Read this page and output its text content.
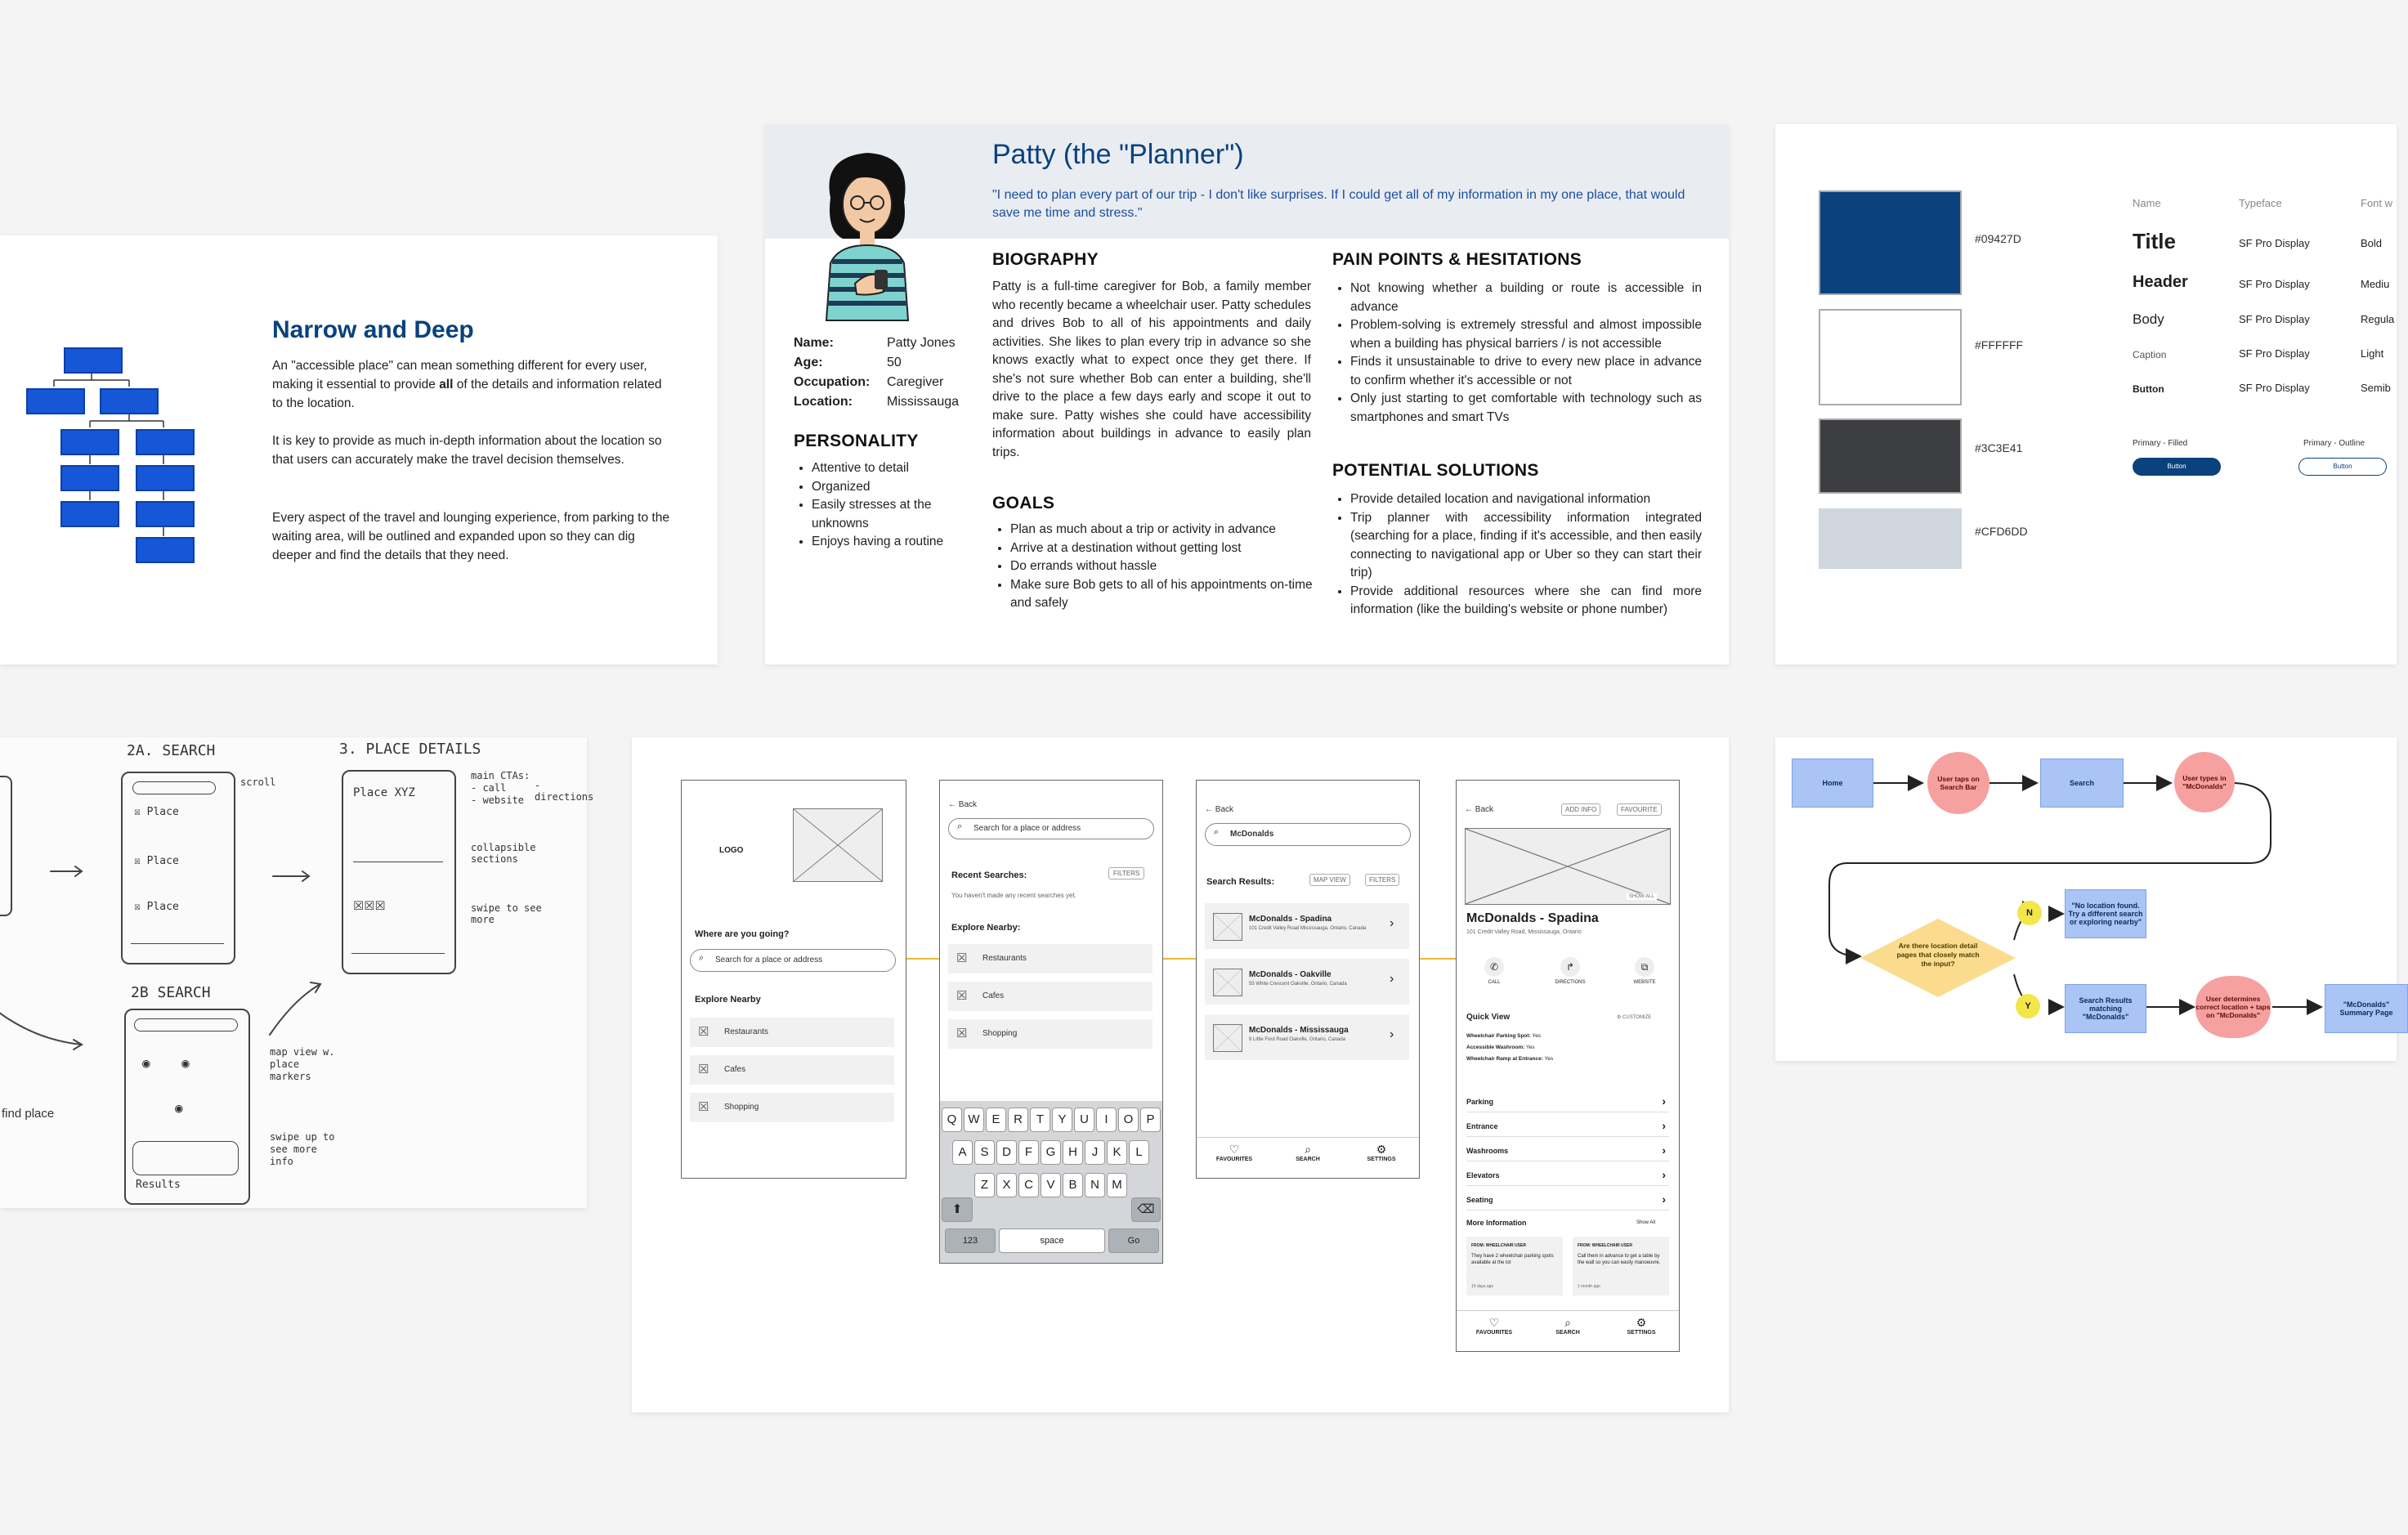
Narrow and Deep
An "accessible place" can mean something different for every user, making it essential to provide all of the details and information related to the location.
It is key to provide as much in-depth information about the location so that users can accurately make the travel decision themselves.
Every aspect of the travel and lounging experience, from parking to the waiting area, will be outlined and expanded upon so they can dig deeper and find the details that they need.
Patty (the "Planner")
"I need to plan every part of our trip - I don't like surprises. If I could get all of my information in my one place, that would save me time and stress."
Name:	Patty Jones
Age:	50
Occupation:	Caregiver
Location:	Mississauga
PERSONALITY
• Attentive to detail
• Organized
• Easily stresses at the unknowns
• Enjoys having a routine
BIOGRAPHY
Patty is a full-time caregiver for Bob, a family member who recently became a wheelchair user. Patty schedules and drives Bob to all of his appointments and daily activities. She likes to plan every trip in advance so she knows exactly what to expect once they get there. If she's not sure whether Bob can enter a building, she'll drive to the place a few days early and scope it out to make sure. Patty wishes she could have accessibility information about buildings in advance to easily plan trips.
GOALS
• Plan as much about a trip or activity in advance
• Arrive at a destination without getting lost
• Do errands without hassle
• Make sure Bob gets to all of his appointments on-time and safely
PAIN POINTS & HESITATIONS
• Not knowing whether a building or route is accessible in advance
• Problem-solving is extremely stressful and almost impossible when a building has physical barriers / is not accessible
• Finds it unsustainable to drive to every new place in advance to confirm whether it's accessible or not
• Only just starting to get comfortable with technology such as smartphones and smart TVs
POTENTIAL SOLUTIONS
• Provide detailed location and navigational information
• Trip planner with accessibility information integrated (searching for a place, finding if it's accessible, and then easily connecting to navigational app or Uber so they can start their trip)
• Provide additional resources where she can find more information (like the building's website or phone number)
#09427D
#FFFFFF
#3C3E41
#CFD6DD
Name	Typeface	Font w
Title	SF Pro Display	Bold
Header	SF Pro Display	Mediu
Body	SF Pro Display	Regula
Caption	SF Pro Display	Light
Button	SF Pro Display	Semib
Primary - Filled
Button
Primary - Outline
Button
2A. SEARCH	3. PLACE DETAILS
2B SEARCH
find place
☒ Place
☒ Place
☒ Place
scroll
Place XYZ
☒☒☒
main CTAs:
- call
- website
- directions
collapsible sections
swipe to see more
◉    ◉
◉
Results
map view w. place markers
swipe up to see more info
LOGO
Where are you going?
⌕ Search for a place or address
Explore Nearby
☒ Restaurants
☒ Cafes
☒ Shopping
← Back
⌕ Search for a place or address
Recent Searches:	FILTERS
You haven't made any recent searches yet.
Explore Nearby:
☒ Restaurants
☒ Cafes
☒ Shopping
Q W E	R	T	Y	U	I	O	P
A	S	D	F	G	H	J	K	L
Z	X	C	V	B	N	M
⬆	⌫
123	space	Go
← Back
⌕ McDonalds
Search Results:	MAP VIEW	FILTERS
McDonalds - Spadina
101 Credit Valley Road Mississauga, Ontario, Canada	›
McDonalds - Oakville
55 White Crescent Oakville, Ontario, Canada	›
McDonalds - Mississauga
8 Little Ford Road Oakville, Ontario, Canada	›
♡
FAVOURITES
⌕
SEARCH
⚙
SETTINGS
← Back	ADD INFO	FAVOURITE
SHOW ALL
McDonalds - Spadina
101 Credit Valley Road, Mississauga, Ontario
✆
CALL
↱
DIRECTIONS
⧉
WEBSITE
Quick View	⚙ CUSTOMIZE
Wheelchair Parking Spot: Yes
Accessible Washroom: Yes
Wheelchair Ramp at Entrance: Yes
Parking	›
Entrance	›
Washrooms	›
Elevators	›
Seating	›
More Information	Show All
FROM: WHEELCHAIR USER
They have 2 wheelchair parking spots available at the lot
15 days ago
FROM: WHEELCHAIR USER
Call them in advance to get a table by the wall so you can easily manoeuvre.
1 month ago
♡
FAVOURITES
⌕
SEARCH
⚙
SETTINGS
Home	User taps on Search Bar	Search
User types in "McDonalds"
Are there location detail pages that closely match the input?
N
Y
"No location found. Try a different search or exploring nearby"
Search Results matching "McDonalds"
User determines correct location + taps on "McDonalds"
"McDonalds" Summary Page
